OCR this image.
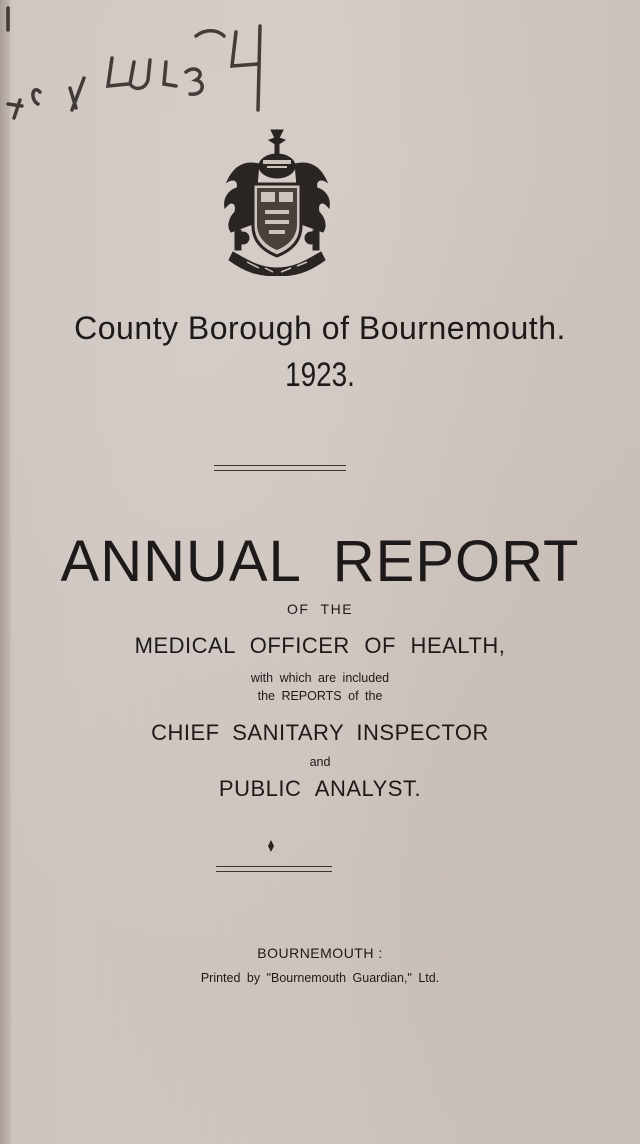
County Borough of Bournemouth.
1923.
ANNUAL REPORT
OF THE
MEDICAL OFFICER OF HEALTH,
with which are included
the REPORTS of the
CHIEF SANITARY INSPECTOR
and
PUBLIC ANALYST.
BOURNEMOUTH :
Printed by "Bournemouth Guardian," Ltd.
